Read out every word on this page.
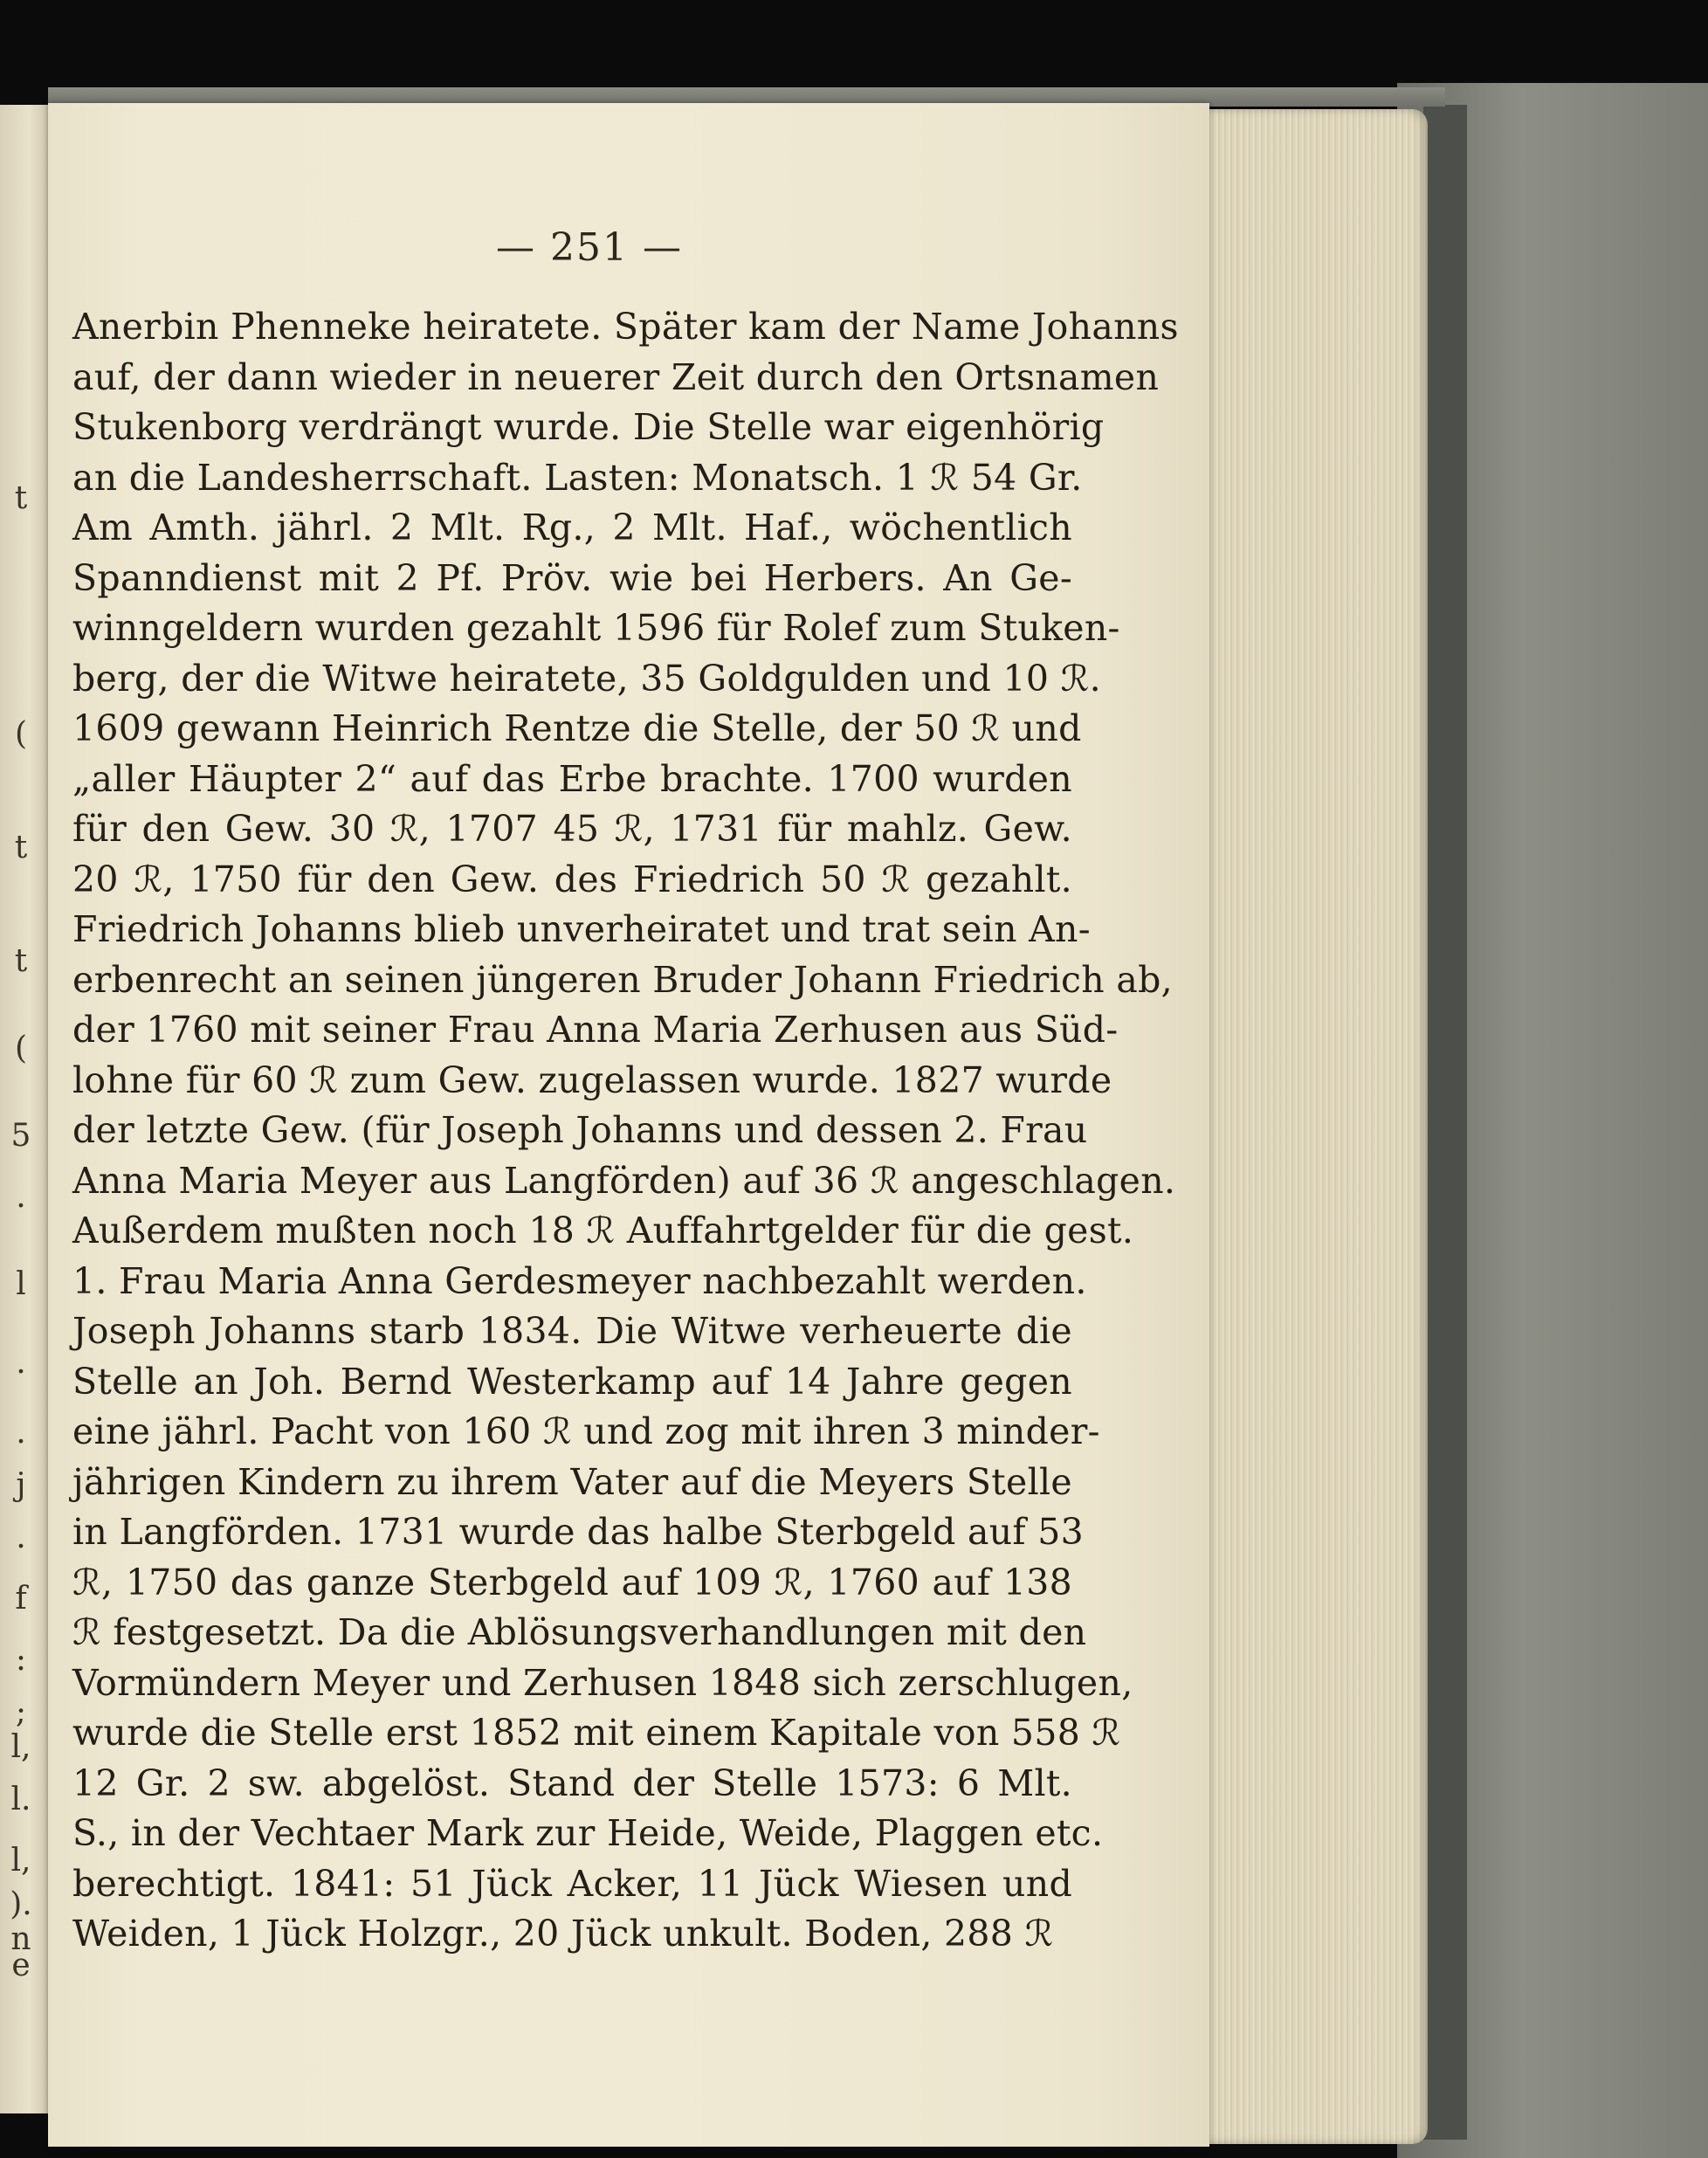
t
(
t
t
(
5
.
l
.
.
j
.
f
:
;
l,
l.
l,
).
n
e
— 251 —
Anerbin Phenneke heiratete. Später kam der Name Johanns
auf, der dann wieder in neuerer Zeit durch den Ortsnamen
Stukenborg verdrängt wurde. Die Stelle war eigenhörig
an die Landesherrschaft. Lasten: Monatsch. 1 ℛ 54 Gr.
Am Amth. jährl. 2 Mlt. Rg., 2 Mlt. Haf., wöchentlich
Spanndienst mit 2 Pf. Pröv. wie bei Herbers. An Ge-
winngeldern wurden gezahlt 1596 für Rolef zum Stuken-
berg, der die Witwe heiratete, 35 Goldgulden und 10 ℛ.
1609 gewann Heinrich Rentze die Stelle, der 50 ℛ und
„aller Häupter 2“ auf das Erbe brachte. 1700 wurden
für den Gew. 30 ℛ, 1707 45 ℛ, 1731 für mahlz. Gew.
20 ℛ, 1750 für den Gew. des Friedrich 50 ℛ gezahlt.
Friedrich Johanns blieb unverheiratet und trat sein An-
erbenrecht an seinen jüngeren Bruder Johann Friedrich ab,
der 1760 mit seiner Frau Anna Maria Zerhusen aus Süd-
lohne für 60 ℛ zum Gew. zugelassen wurde. 1827 wurde
der letzte Gew. (für Joseph Johanns und dessen 2. Frau
Anna Maria Meyer aus Langförden) auf 36 ℛ angeschlagen.
Außerdem mußten noch 18 ℛ Auffahrtgelder für die gest.
1. Frau Maria Anna Gerdesmeyer nachbezahlt werden.
Joseph Johanns starb 1834. Die Witwe verheuerte die
Stelle an Joh. Bernd Westerkamp auf 14 Jahre gegen
eine jährl. Pacht von 160 ℛ und zog mit ihren 3 minder-
jährigen Kindern zu ihrem Vater auf die Meyers Stelle
in Langförden. 1731 wurde das halbe Sterbgeld auf 53
ℛ, 1750 das ganze Sterbgeld auf 109 ℛ, 1760 auf 138
ℛ festgesetzt. Da die Ablösungsverhandlungen mit den
Vormündern Meyer und Zerhusen 1848 sich zerschlugen,
wurde die Stelle erst 1852 mit einem Kapitale von 558 ℛ
12 Gr. 2 sw. abgelöst. Stand der Stelle 1573: 6 Mlt.
S., in der Vechtaer Mark zur Heide, Weide, Plaggen etc.
berechtigt. 1841: 51 Jück Acker, 11 Jück Wiesen und
Weiden, 1 Jück Holzgr., 20 Jück unkult. Boden, 288 ℛ
